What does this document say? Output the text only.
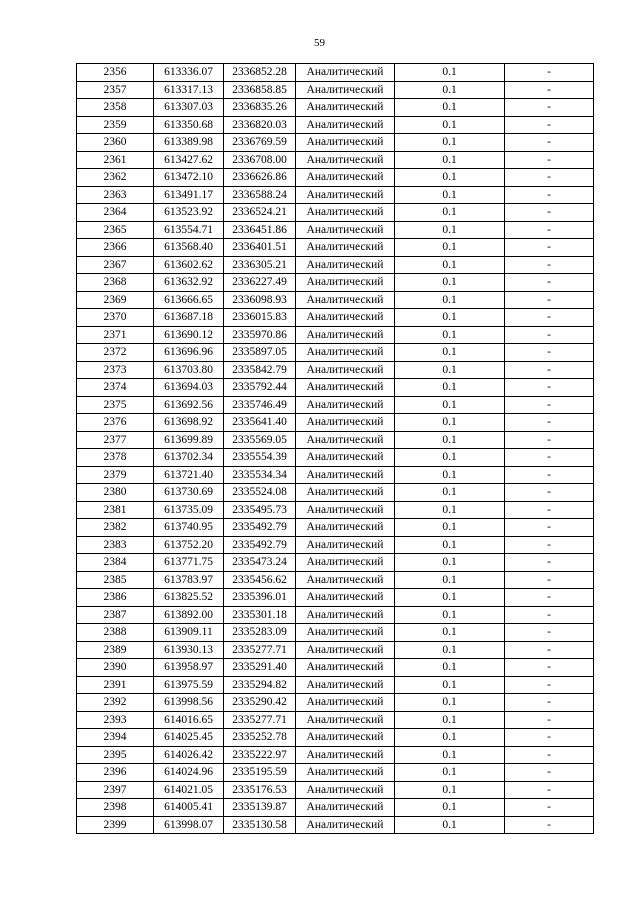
59
2356	613336.07	2336852.28	Аналитический	0.1	-
2357	613317.13	2336858.85	Аналитический	0.1	-
2358	613307.03	2336835.26	Аналитический	0.1	-
2359	613350.68	2336820.03	Аналитический	0.1	-
2360	613389.98	2336769.59	Аналитический	0.1	-
2361	613427.62	2336708.00	Аналитический	0.1	-
2362	613472.10	2336626.86	Аналитический	0.1	-
2363	613491.17	2336588.24	Аналитический	0.1	-
2364	613523.92	2336524.21	Аналитический	0.1	-
2365	613554.71	2336451.86	Аналитический	0.1	-
2366	613568.40	2336401.51	Аналитический	0.1	-
2367	613602.62	2336305.21	Аналитический	0.1	-
2368	613632.92	2336227.49	Аналитический	0.1	-
2369	613666.65	2336098.93	Аналитический	0.1	-
2370	613687.18	2336015.83	Аналитический	0.1	-
2371	613690.12	2335970.86	Аналитический	0.1	-
2372	613696.96	2335897.05	Аналитический	0.1	-
2373	613703.80	2335842.79	Аналитический	0.1	-
2374	613694.03	2335792.44	Аналитический	0.1	-
2375	613692.56	2335746.49	Аналитический	0.1	-
2376	613698.92	2335641.40	Аналитический	0.1	-
2377	613699.89	2335569.05	Аналитический	0.1	-
2378	613702.34	2335554.39	Аналитический	0.1	-
2379	613721.40	2335534.34	Аналитический	0.1	-
2380	613730.69	2335524.08	Аналитический	0.1	-
2381	613735.09	2335495.73	Аналитический	0.1	-
2382	613740.95	2335492.79	Аналитический	0.1	-
2383	613752.20	2335492.79	Аналитический	0.1	-
2384	613771.75	2335473.24	Аналитический	0.1	-
2385	613783.97	2335456.62	Аналитический	0.1	-
2386	613825.52	2335396.01	Аналитический	0.1	-
2387	613892.00	2335301.18	Аналитический	0.1	-
2388	613909.11	2335283.09	Аналитический	0.1	-
2389	613930.13	2335277.71	Аналитический	0.1	-
2390	613958.97	2335291.40	Аналитический	0.1	-
2391	613975.59	2335294.82	Аналитический	0.1	-
2392	613998.56	2335290.42	Аналитический	0.1	-
2393	614016.65	2335277.71	Аналитический	0.1	-
2394	614025.45	2335252.78	Аналитический	0.1	-
2395	614026.42	2335222.97	Аналитический	0.1	-
2396	614024.96	2335195.59	Аналитический	0.1	-
2397	614021.05	2335176.53	Аналитический	0.1	-
2398	614005.41	2335139.87	Аналитический	0.1	-
2399	613998.07	2335130.58	Аналитический	0.1	-
